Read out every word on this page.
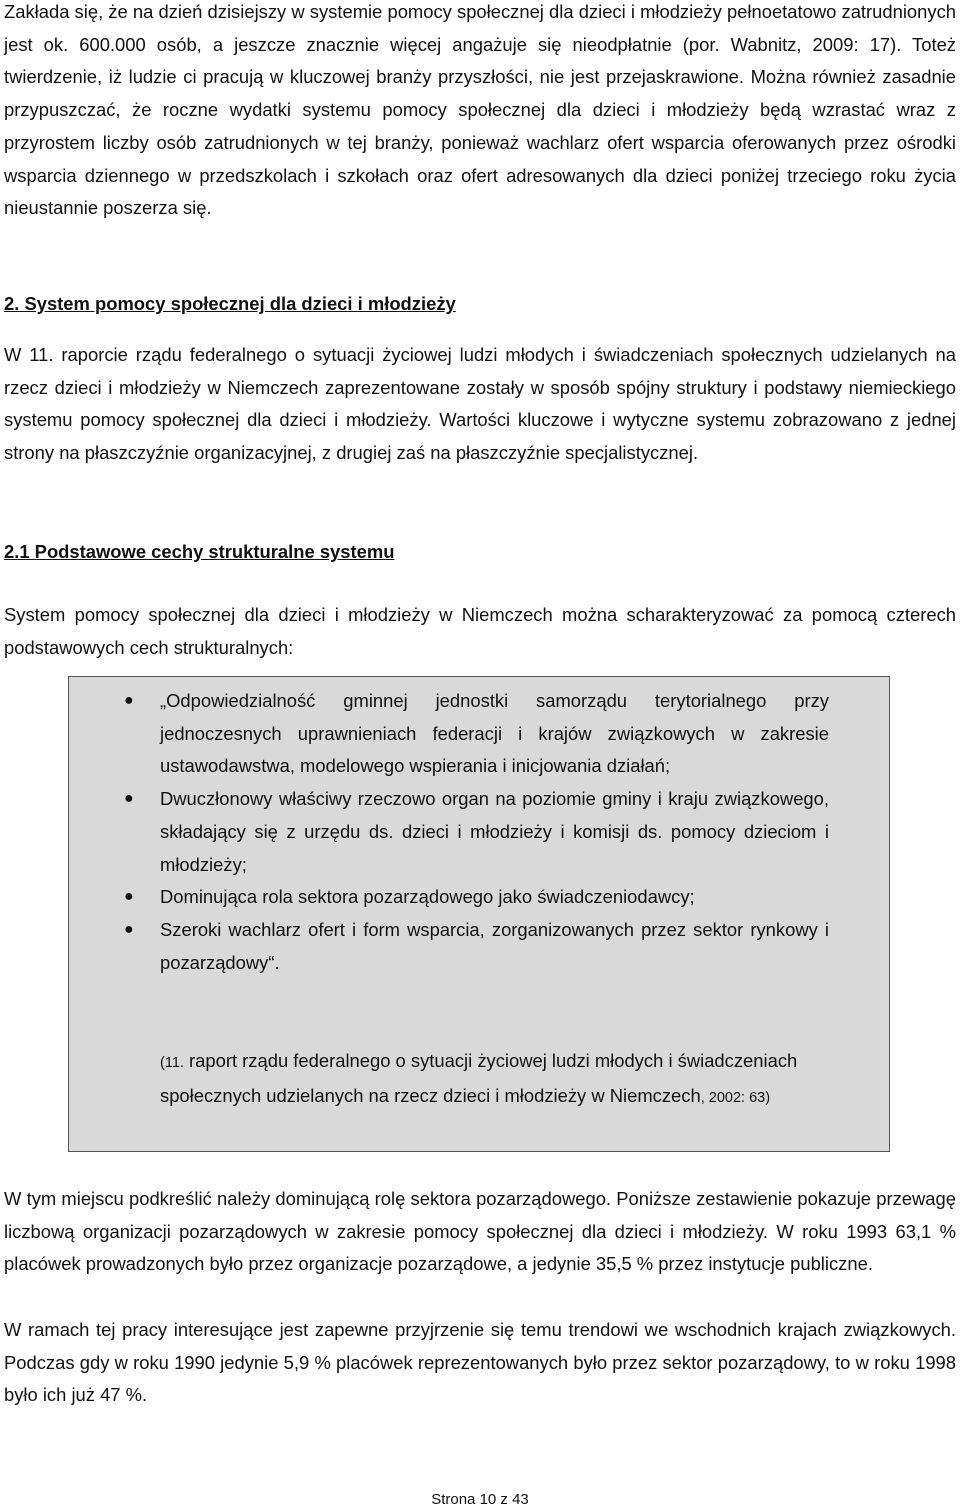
Zakłada się, że na dzień dzisiejszy w systemie pomocy społecznej dla dzieci i młodzieży pełnoetatowo zatrudnionych jest ok. 600.000 osób, a jeszcze znacznie więcej angażuje się nieodpłatnie (por. Wabnitz, 2009: 17). Toteż twierdzenie, iż ludzie ci pracują w kluczowej branży przyszłości, nie jest przejaskrawione. Można również zasadnie przypuszczać, że roczne wydatki systemu pomocy społecznej dla dzieci i młodzieży będą wzrastać wraz z przyrostem liczby osób zatrudnionych w tej branży, ponieważ wachlarz ofert wsparcia oferowanych przez ośrodki wsparcia dziennego w przedszkolach i szkołach oraz ofert adresowanych dla dzieci poniżej trzeciego roku życia nieustannie poszerza się.

2. System pomocy społecznej dla dzieci i młodzieży

W 11. raporcie rządu federalnego o sytuacji życiowej ludzi młodych i świadczeniach społecznych udzielanych na rzecz dzieci i młodzieży w Niemczech zaprezentowane zostały w sposób spójny struktury i podstawy niemieckiego systemu pomocy społecznej dla dzieci i młodzieży. Wartości kluczowe i wytyczne systemu zobrazowano z jednej strony na płaszczyźnie organizacyjnej, z drugiej zaś na płaszczyźnie specjalistycznej.

2.1 Podstawowe cechy strukturalne systemu

System pomocy społecznej dla dzieci i młodzieży w Niemczech można scharakteryzować za pomocą czterech podstawowych cech strukturalnych:

● „Odpowiedzialność gminnej jednostki samorządu terytorialnego przy jednoczesnych uprawnieniach federacji i krajów związkowych w zakresie ustawodawstwa, modelowego wspierania i inicjowania działań;
● Dwuczłonowy właściwy rzeczowo organ na poziomie gminy i kraju związkowego, składający się z urzędu ds. dzieci i młodzieży i komisji ds. pomocy dzieciom i młodzieży;
● Dominująca rola sektora pozarządowego jako świadczeniodawcy;
● Szeroki wachlarz ofert i form wsparcia, zorganizowanych przez sektor rynkowy i pozarządowy“.

(11. raport rządu federalnego o sytuacji życiowej ludzi młodych i świadczeniach społecznych udzielanych na rzecz dzieci i młodzieży w Niemczech, 2002: 63)

W tym miejscu podkreślić należy dominującą rolę sektora pozarządowego. Poniższe zestawienie pokazuje przewagę liczbową organizacji pozarządowych w zakresie pomocy społecznej dla dzieci i młodzieży. W roku 1993 63,1 % placówek prowadzonych było przez organizacje pozarządowe, a jedynie 35,5 % przez instytucje publiczne.

W ramach tej pracy interesujące jest zapewne przyjrzenie się temu trendowi we wschodnich krajach związkowych. Podczas gdy w roku 1990 jedynie 5,9 % placówek reprezentowanych było przez sektor pozarządowy, to w roku 1998 było ich już 47 %.

Strona 10 z 43
